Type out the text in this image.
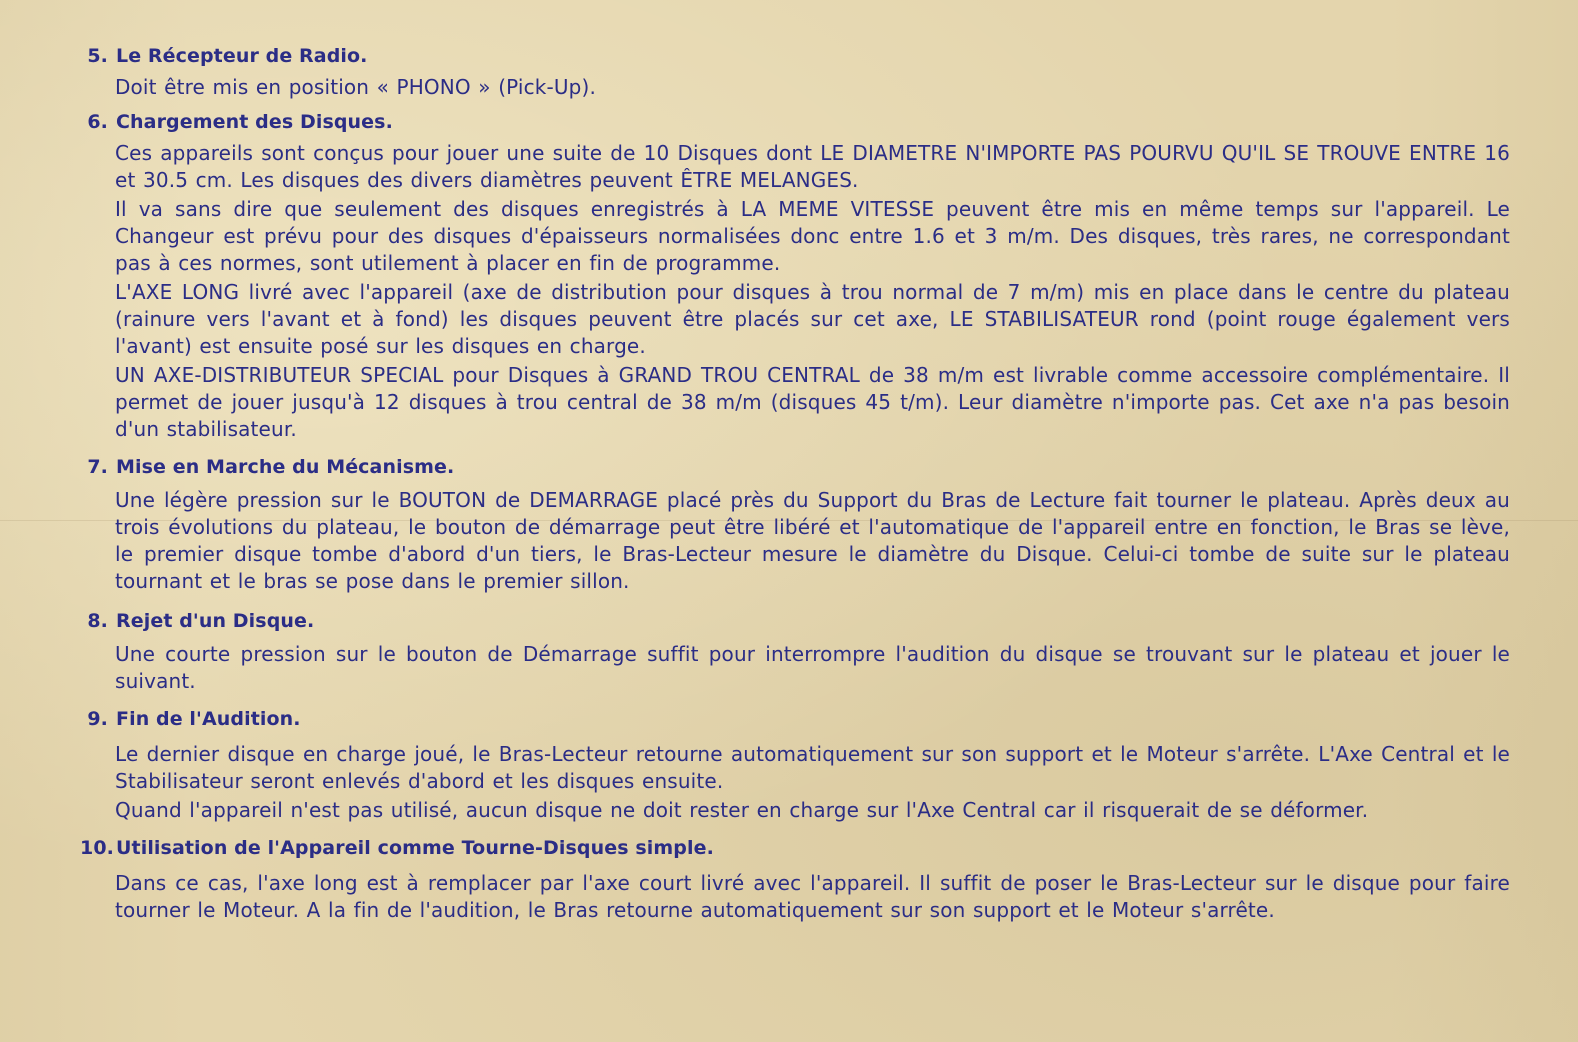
5. Le Récepteur de Radio.

Doit être mis en position « PHONO » (Pick-Up).

6. Chargement des Disques.

Ces appareils sont conçus pour jouer une suite de 10 Disques dont LE DIAMETRE N'IMPORTE PAS POURVU QU'IL SE TROUVE ENTRE 16 et 30.5 cm. Les disques des divers diamètres peuvent ÊTRE MELANGES.

Il va sans dire que seulement des disques enregistrés à LA MEME VITESSE peuvent être mis en même temps sur l'appareil. Le Changeur est prévu pour des disques d'épaisseurs normalisées donc entre 1.6 et 3 m/m. Des disques, très rares, ne correspondant pas à ces normes, sont utilement à placer en fin de programme.

L'AXE LONG livré avec l'appareil (axe de distribution pour disques à trou normal de 7 m/m) mis en place dans le centre du plateau (rainure vers l'avant et à fond) les disques peuvent être placés sur cet axe, LE STABILISATEUR rond (point rouge également vers l'avant) est ensuite posé sur les disques en charge.

UN AXE-DISTRIBUTEUR SPECIAL pour Disques à GRAND TROU CENTRAL de 38 m/m est livrable comme accessoire complémentaire. Il permet de jouer jusqu'à 12 disques à trou central de 38 m/m (disques 45 t/m). Leur diamètre n'importe pas. Cet axe n'a pas besoin d'un stabilisateur.

7. Mise en Marche du Mécanisme.

Une légère pression sur le BOUTON de DEMARRAGE placé près du Support du Bras de Lecture fait tourner le plateau. Après deux au trois évolutions du plateau, le bouton de démarrage peut être libéré et l'automatique de l'appareil entre en fonction, le Bras se lève, le premier disque tombe d'abord d'un tiers, le Bras-Lecteur mesure le diamètre du Disque. Celui-ci tombe de suite sur le plateau tournant et le bras se pose dans le premier sillon.

8. Rejet d'un Disque.

Une courte pression sur le bouton de Démarrage suffit pour interrompre l'audition du disque se trouvant sur le plateau et jouer le suivant.

9. Fin de l'Audition.

Le dernier disque en charge joué, le Bras-Lecteur retourne automatiquement sur son support et le Moteur s'arrête. L'Axe Central et le Stabilisateur seront enlevés d'abord et les disques ensuite.

Quand l'appareil n'est pas utilisé, aucun disque ne doit rester en charge sur l'Axe Central car il risquerait de se déformer.

10. Utilisation de l'Appareil comme Tourne-Disques simple.

Dans ce cas, l'axe long est à remplacer par l'axe court livré avec l'appareil. Il suffit de poser le Bras-Lecteur sur le disque pour faire tourner le Moteur. A la fin de l'audition, le Bras retourne automatiquement sur son support et le Moteur s'arrête.
